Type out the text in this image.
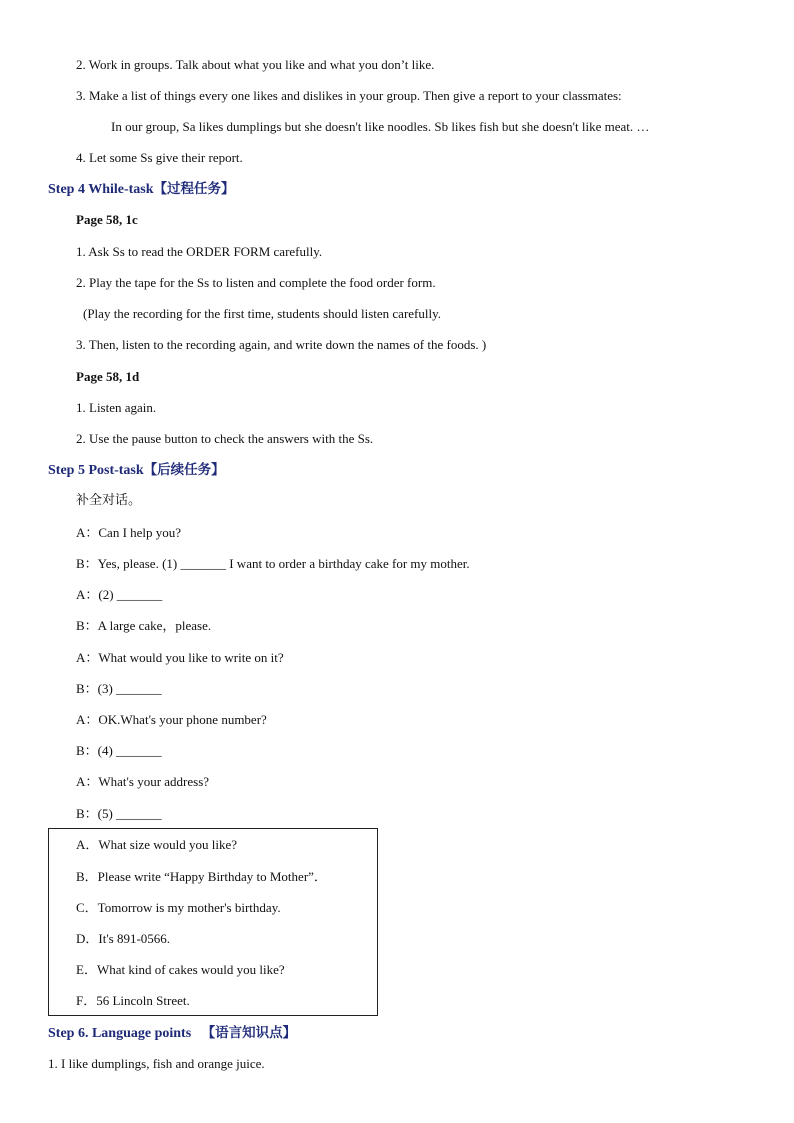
2. Work in groups. Talk about what you like and what you don’t like.
3. Make a list of things every one likes and dislikes in your group. Then give a report to your classmates:
In our group, Sa likes dumplings but she doesn't like noodles. Sb likes fish but she doesn't like meat. …
4. Let some Ss give their report.
Step 4 While-task【过程任务】
Page 58, 1c
1. Ask Ss to read the ORDER FORM carefully.
2. Play the tape for the Ss to listen and complete the food order form.
(Play the recording for the first time, students should listen carefully.
3. Then, listen to the recording again, and write down the names of the foods. )
Page 58, 1d
1. Listen again.
2. Use the pause button to check the answers with the Ss.
Step 5 Post-task【后续任务】
补全对话。
A：Can I help you?
B：Yes, please. (1) _______ I want to order a birthday cake for my mother.
A：(2) _______
B：A large cake，please.
A：What would you like to write on it?
B：(3) _______
A：OK.What's your phone number?
B：(4) _______
A：What's your address?
B：(5) _______
A．What size would you like?
B．Please write “Happy Birthday to Mother”．
C．Tomorrow is my mother's birthday.
D．It's 891-0566.
E．What kind of cakes would you like?
F．56 Lincoln Street.
Step 6. Language points 【语言知识点】
1. I like dumplings, fish and orange juice.
